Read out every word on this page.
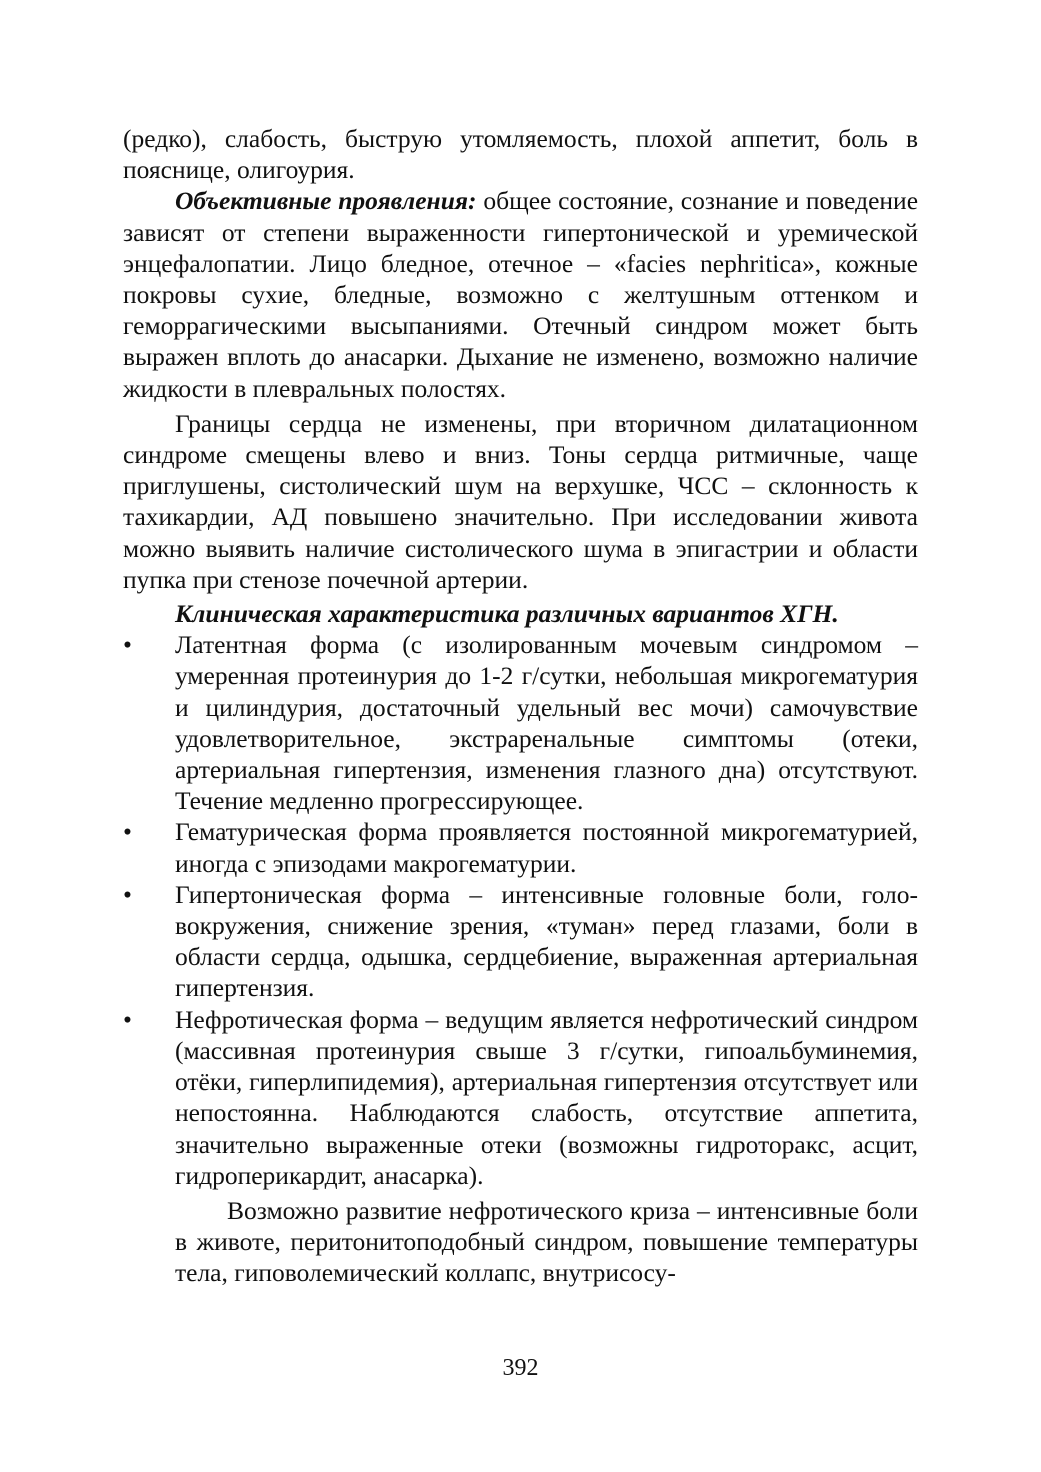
(редко), слабость, быструю утомляемость, плохой аппетит, боль в пояснице, олигоурия.

Объективные проявления: общее состояние, сознание и поведение зависят от степени выраженности гипертонической и уремической энцефалопатии. Лицо бледное, отечное – «facies nephritica», кожные покровы сухие, бледные, возможно с желтушным оттенком и геморрагическими высыпаниями. Отечный синдром может быть выражен вплоть до анасарки. Дыхание не изменено, возможно наличие жидкости в плевральных полостях.

Границы сердца не изменены, при вторичном дилатационном синдроме смещены влево и вниз. Тоны сердца ритмичные, чаще приглушены, систолический шум на верхушке, ЧСС – склонность к тахикардии, АД повышено значительно. При исследовании живота можно выявить наличие систолического шума в эпигастрии и области пупка при стенозе почечной артерии.

Клиническая характеристика различных вариантов ХГН.

• Латентная форма (с изолированным мочевым синдромом – умеренная протеинурия до 1-2 г/сутки, небольшая микрогематурия и цилиндурия, достаточный удельный вес мочи) самочувствие удовлетворительное, экстраренальные симптомы (отеки, артериальная гипертензия, изменения глазного дна) отсутствуют. Течение медленно прогрессирующее.
• Гематурическая форма проявляется постоянной микрогематурией, иногда с эпизодами макрогематурии.
• Гипертоническая форма – интенсивные головные боли, головокружения, снижение зрения, «туман» перед глазами, боли в области сердца, одышка, сердцебиение, выраженная артериальная гипертензия.
• Нефротическая форма – ведущим является нефротический синдром (массивная протеинурия свыше 3 г/сутки, гипоальбуминемия, отёки, гиперлипидемия), артериальная гипертензия отсутствует или непостоянна. Наблюдаются слабость, отсутствие аппетита, значительно выраженные отеки (возможны гидроторакс, асцит, гидроперикардит, анасарка).

Возможно развитие нефротического криза – интенсивные боли в животе, перитонитоподобный синдром, повышение температуры тела, гиповолемический коллапс, внутрисосу-

392
